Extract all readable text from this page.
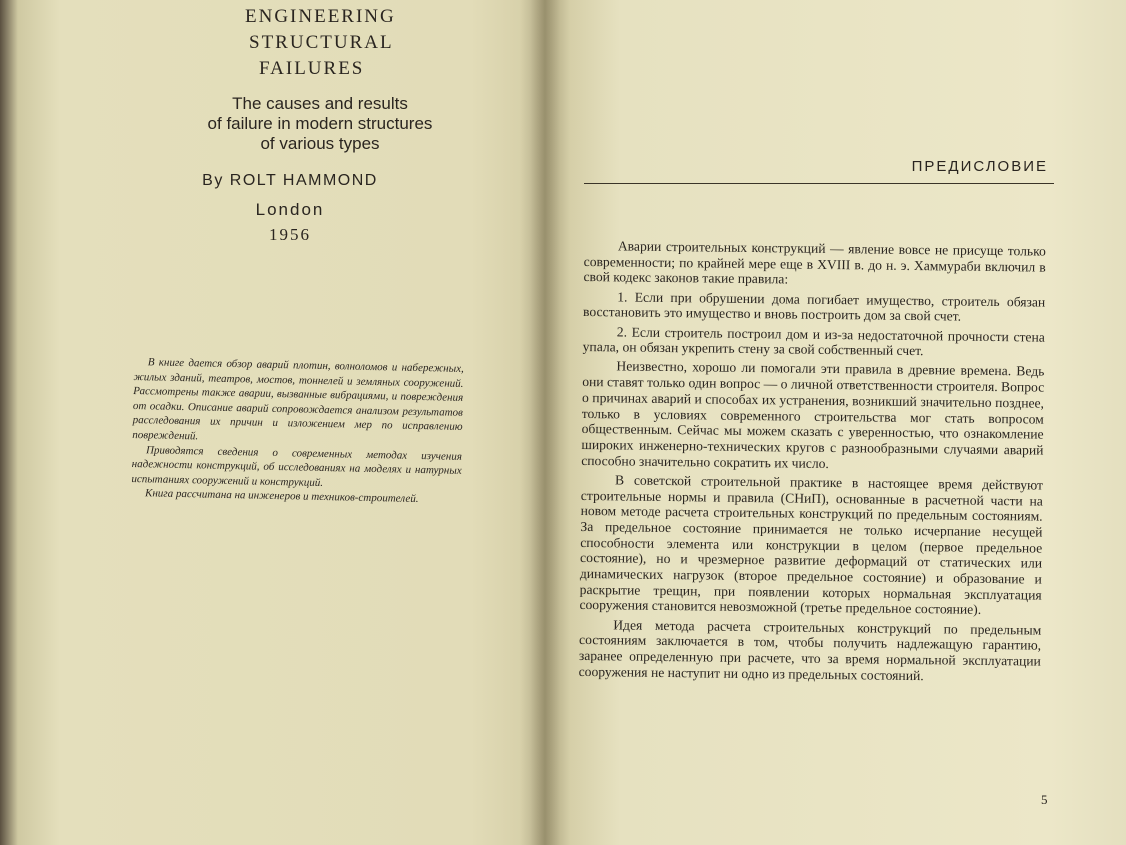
ENGINEERING
STRUCTURAL
FAILURES
The causes and results
of failure in modern structures
of various types
By ROLT HAMMOND
London
1956

В книге дается обзор аварий плотин, волноломов и набережных, жилых зданий, театров, мостов, тоннелей и земляных сооружений. Рассмотрены также аварии, вызванные вибрациями, и повреждения от осадки. Описание аварий сопровождается анализом результатов расследования их причин и изложением мер по исправлению повреждений.

Приводятся сведения о современных методах изучения надежности конструкций, об исследованиях на моделях и натурных испытаниях сооружений и конструкций.

Книга рассчитана на инженеров и техников-строителей.

ПРЕДИСЛОВИЕ

Аварии строительных конструкций — явление вовсе не присуще только современности; по крайней мере еще в XVIII в. до н. э. Хаммураби включил в свой кодекс законов такие правила:

1. Если при обрушении дома погибает имущество, строитель обязан восстановить это имущество и вновь построить дом за свой счет.

2. Если строитель построил дом и из-за недостаточной прочности стена упала, он обязан укрепить стену за свой собственный счет.

Неизвестно, хорошо ли помогали эти правила в древние времена. Ведь они ставят только один вопрос — о личной ответственности строителя. Вопрос о причинах аварий и способах их устранения, возникший значительно позднее, только в условиях современного строительства мог стать вопросом общественным. Сейчас мы можем сказать с уверенностью, что ознакомление широких инженерно-технических кругов с разнообразными случаями аварий способно значительно сократить их число.

В советской строительной практике в настоящее время действуют строительные нормы и правила (СНиП), основанные в расчетной части на новом методе расчета строительных конструкций по предельным состояниям. За предельное состояние принимается не только исчерпание несущей способности элемента или конструкции в целом (первое предельное состояние), но и чрезмерное развитие деформаций от статических или динамических нагрузок (второе предельное состояние) и образование и раскрытие трещин, при появлении которых нормальная эксплуатация сооружения становится невозможной (третье предельное состояние).

Идея метода расчета строительных конструкций по предельным состояниям заключается в том, чтобы получить надлежащую гарантию, заранее определенную при расчете, что за время нормальной эксплуатации сооружения не наступит ни одно из предельных состояний.

5
